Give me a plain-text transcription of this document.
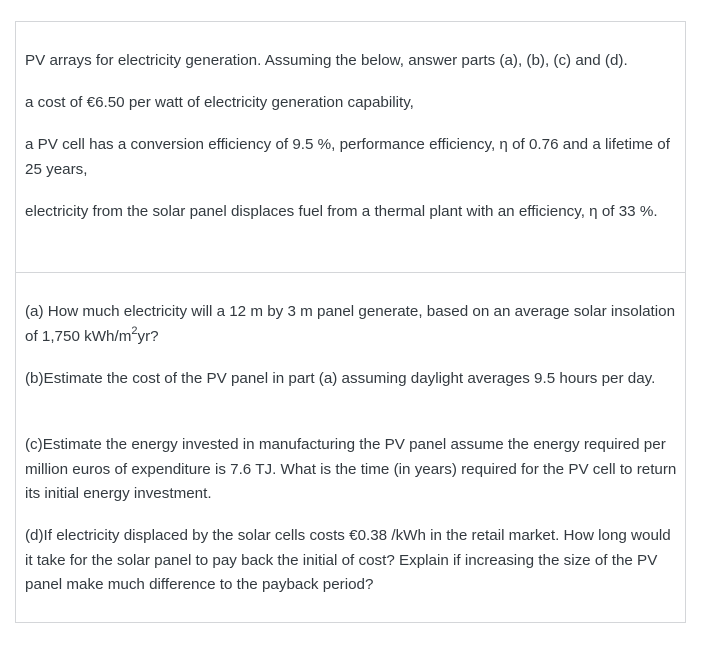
PV arrays for electricity generation. Assuming the below, answer parts (a), (b), (c) and (d).

a cost of €6.50 per watt of electricity generation capability,

a PV cell has a conversion efficiency of 9.5 %, performance efficiency, η of 0.76 and a lifetime of 25 years,

electricity from the solar panel displaces fuel from a thermal plant with an efficiency, η of 33 %.

(a) How much electricity will a 12 m by 3 m panel generate, based on an average solar insolation of 1,750 kWh/$m^2yr$?

(b)Estimate the cost of the PV panel in part (a) assuming daylight averages 9.5 hours per day.

(c)Estimate the energy invested in manufacturing the PV panel assume the energy required per million euros of expenditure is 7.6 TJ. What is the time (in years) required for the PV cell to return its initial energy investment.

(d)If electricity displaced by the solar cells costs €0.38 /kWh in the retail market. How long would it take for the solar panel to pay back the initial of cost? Explain if increasing the size of the PV panel make much difference to the payback period?
